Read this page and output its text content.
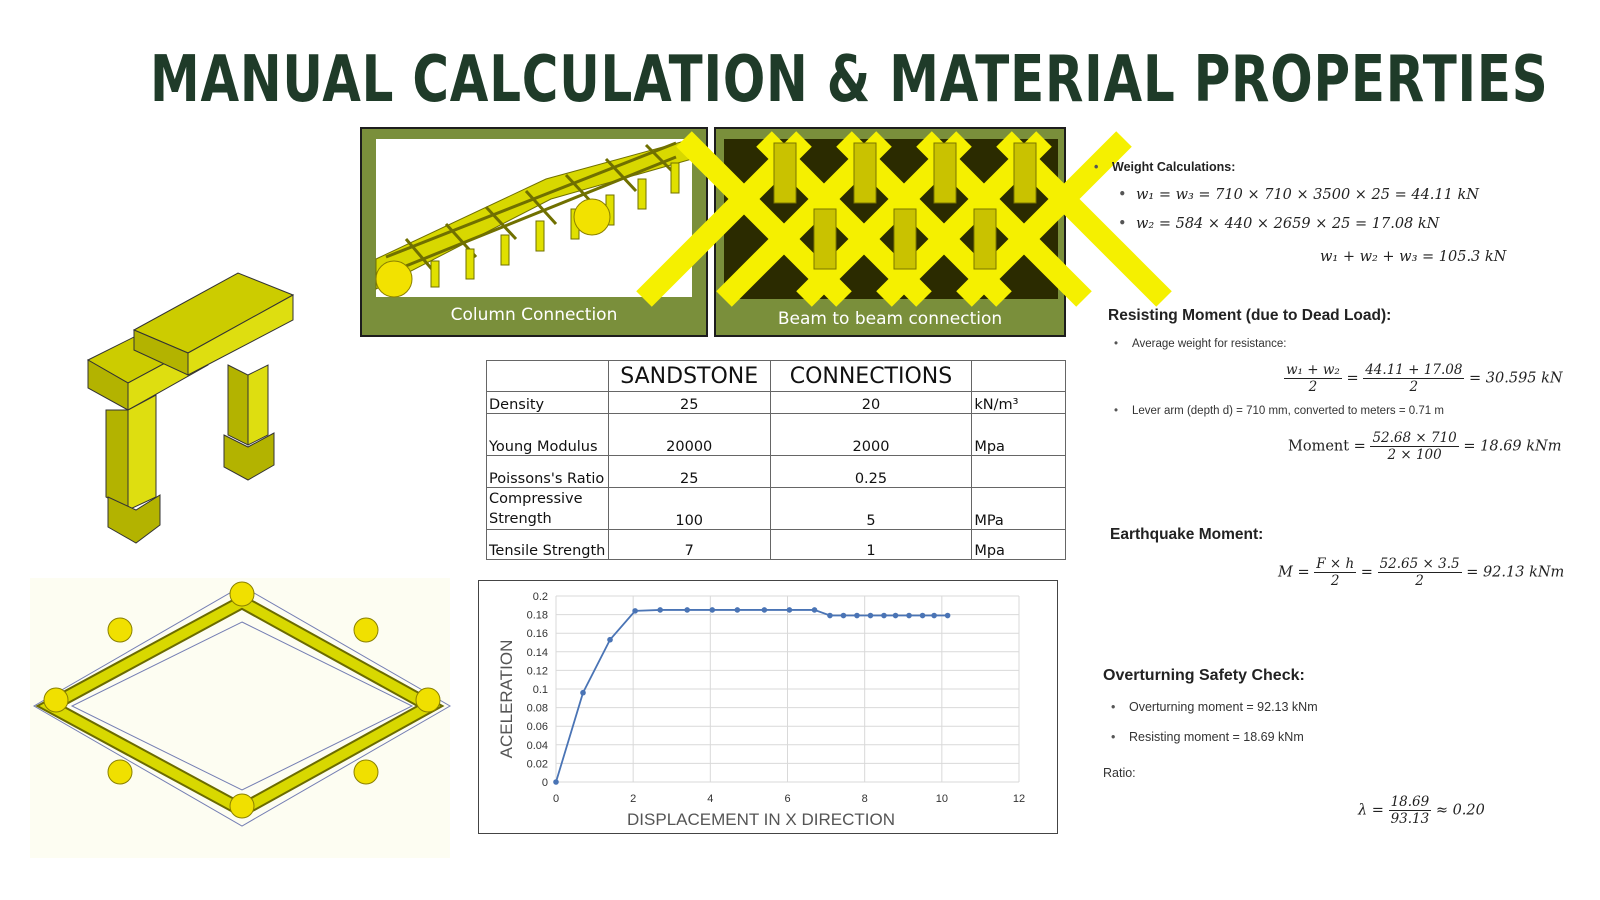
MANUAL CALCULATION & MATERIAL PROPERTIES
Column Connection	Beam to beam connection
	SANDSTONE	CONNECTIONS	
Density	25	20	kN/m³
Young Modulus	20000	2000	Mpa
Poissons's Ratio	25	0.25	
Compressive Strength	100	5	MPa
Tensile Strength	7	1	Mpa
0
0.02
0.04
0.06
0.08
0.1
0.12
0.14
0.16
0.18
0.2
0	2	4	6	8	10	12
DISPLACEMENT IN X DIRECTION
ACELERATION
• Weight Calculations:
• w₁ = w₃ = 710 × 710 × 3500 × 25 = 44.11 kN
• w₂ = 584 × 440 × 2659 × 25 = 17.08 kN
w₁ + w₂ + w₃ = 105.3 kN
Resisting Moment (due to Dead Load):
• Average weight for resistance:
$\frac{\text{w₁ + w₂}}{2} = \frac{44.11 + 17.08}{2} = 30.595$ kN
• Lever arm (depth d) = 710 mm, converted to meters = 0.71 m
Moment = $\frac{52.68 \times 710}{2 \times 100} = 18.69$ kNm
Earthquake Moment:
$M = \frac{F \times h}{2} = \frac{52.65 \times 3.5}{2} = 92.13$ kNm
Overturning Safety Check:
• Overturning moment = 92.13 kNm
• Resisting moment = 18.69 kNm
Ratio:
$\lambda = \frac{18.69}{93.13} \approx 0.20$
